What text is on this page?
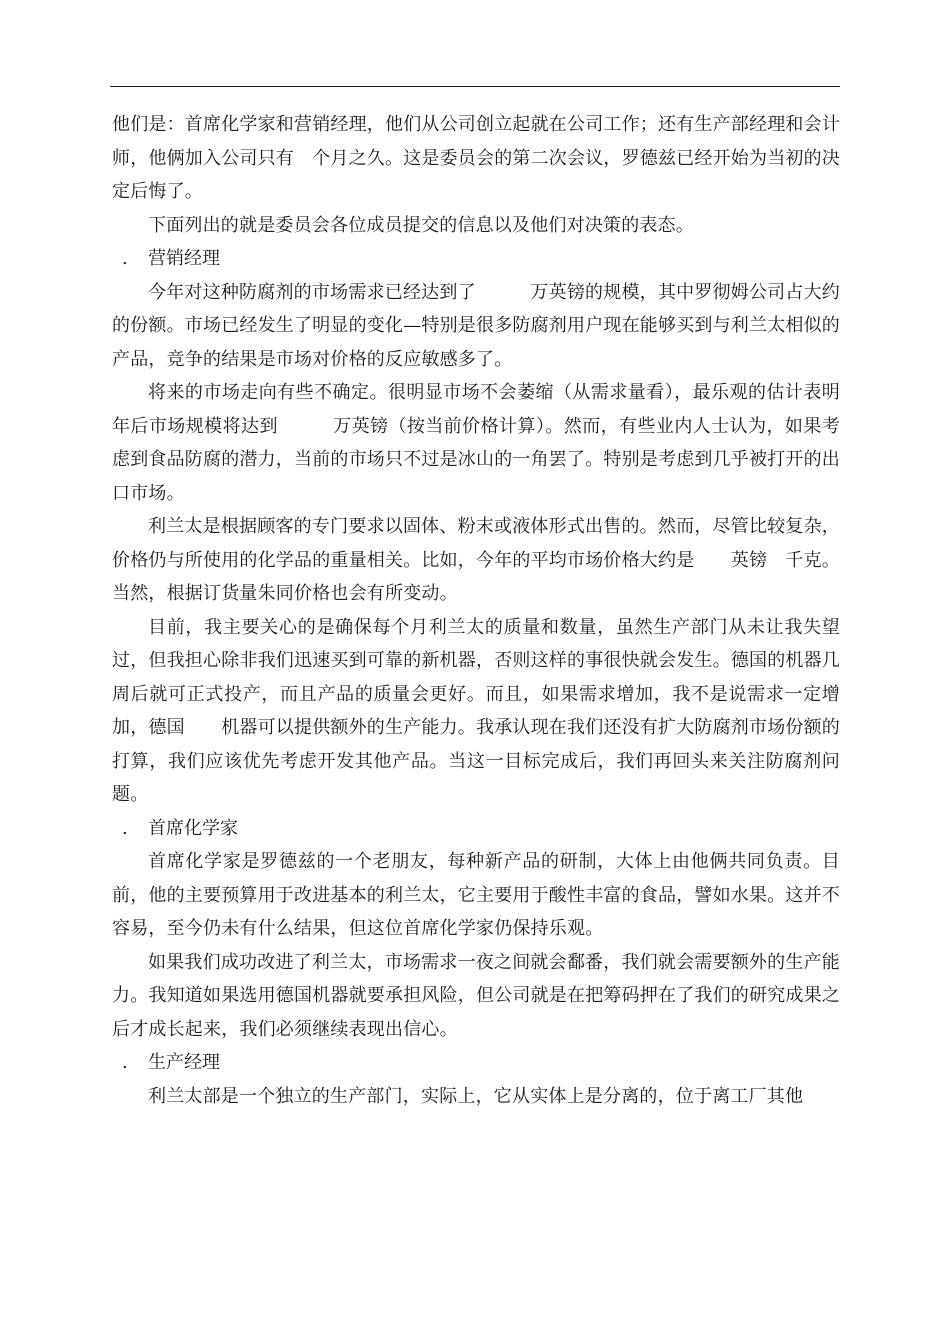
他们是：首席化学家和营销经理，他们从公司创立起就在公司工作；还有生产部经理和会计师，他俩加入公司只有　个月之久。这是委员会的第二次会议，罗德兹已经开始为当初的决定后悔了。

下面列出的就是委员会各位成员提交的信息以及他们对决策的表态。

. 营销经理

今年对这种防腐剂的市场需求已经达到了　　　万英镑的规模，其中罗彻姆公司占大约　　的份额。市场已经发生了明显的变化—特别是很多防腐剂用户现在能够买到与利兰太相似的产品，竞争的结果是市场对价格的反应敏感多了。

将来的市场走向有些不确定。很明显市场不会萎缩（从需求量看），最乐观的估计表明　年后市场规模将达到　　　万英镑（按当前价格计算）。然而，有些业内人士认为，如果考虑到食品防腐的潜力，当前的市场只不过是冰山的一角罢了。特别是考虑到几乎被打开的出口市场。

利兰太是根据顾客的专门要求以固体、粉末或液体形式出售的。然而，尽管比较复杂，价格仍与所使用的化学品的重量相关。比如，今年的平均市场价格大约是　　英镑　千克。当然，根据订货量朱同价格也会有所变动。

目前，我主要关心的是确保每个月利兰太的质量和数量，虽然生产部门从未让我失望过，但我担心除非我们迅速买到可靠的新机器，否则这样的事很快就会发生。德国的机器几周后就可正式投产，而且产品的质量会更好。而且，如果需求增加，我不是说需求一定增加，德国　　机器可以提供额外的生产能力。我承认现在我们还没有扩大防腐剂市场份额的打算，我们应该优先考虑开发其他产品。当这一目标完成后，我们再回头来关注防腐剂问题。

. 首席化学家

首席化学家是罗德兹的一个老朋友，每种新产品的研制，大体上由他俩共同负责。目前，他的主要预算用于改进基本的利兰太，它主要用于酸性丰富的食品，譬如水果。这并不容易，至今仍未有什么结果，但这位首席化学家仍保持乐观。

如果我们成功改进了利兰太，市场需求一夜之间就会鄱番，我们就会需要额外的生产能力。我知道如果选用德国机器就要承担风险，但公司就是在把筹码押在了我们的研究成果之后才成长起来，我们必须继续表现出信心。

. 生产经理

利兰太部是一个独立的生产部门，实际上，它从实体上是分离的，位于离工厂其他
